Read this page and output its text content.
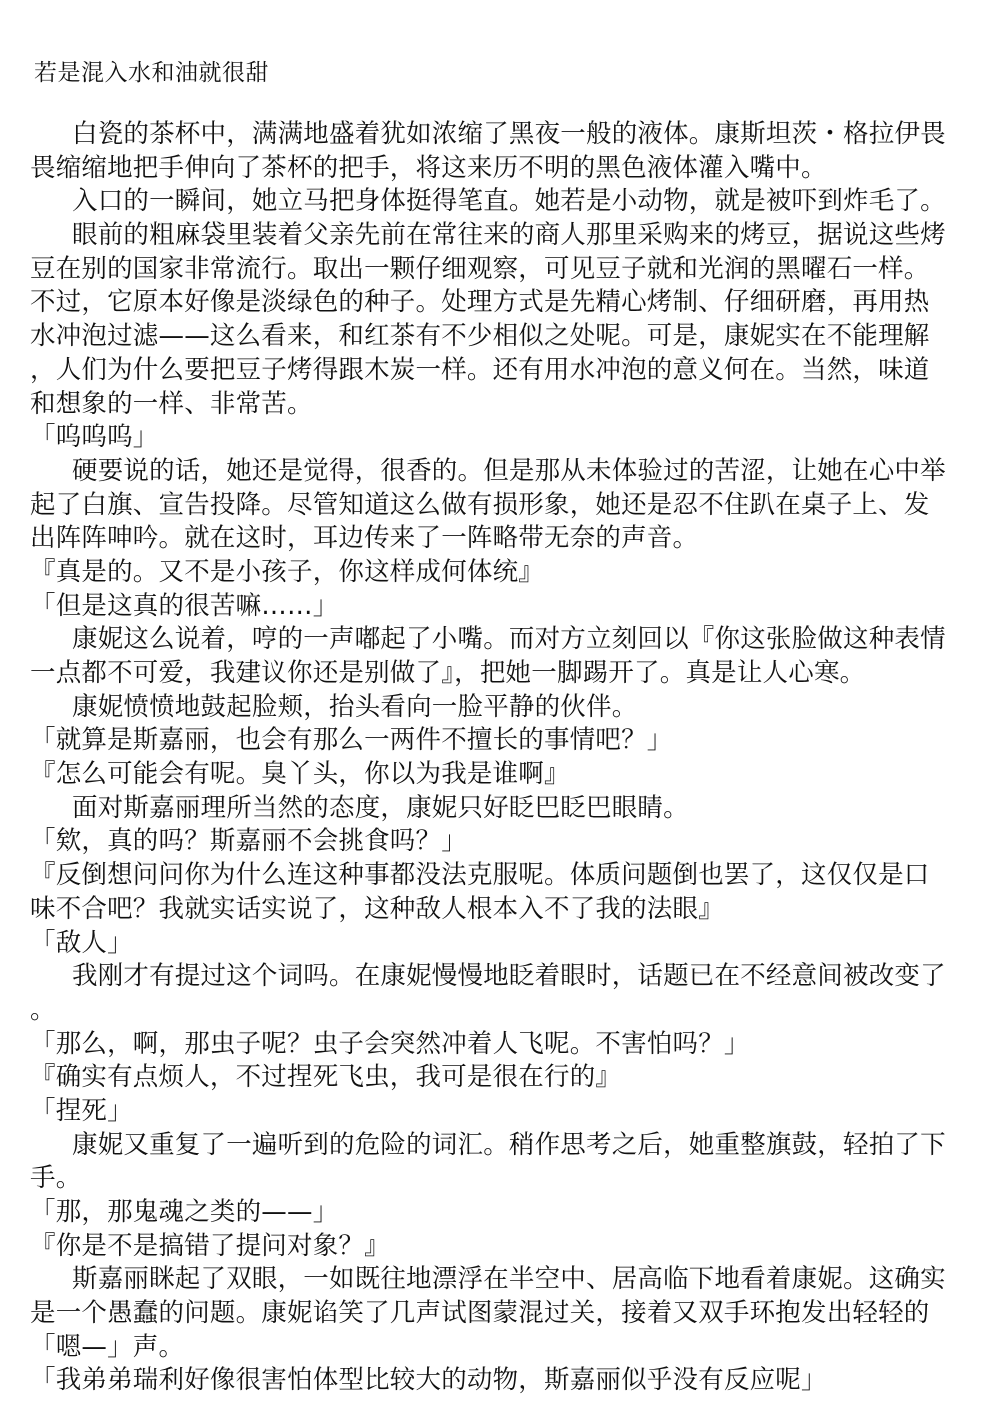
若是混入水和油就很甜
白瓷的茶杯中，满满地盛着犹如浓缩了黑夜一般的液体。康斯坦茨・格拉伊畏
畏缩缩地把手伸向了茶杯的把手，将这来历不明的黑色液体灌入嘴中。
入口的一瞬间，她立马把身体挺得笔直。她若是小动物，就是被吓到炸毛了。
眼前的粗麻袋里装着父亲先前在常往来的商人那里采购来的烤豆，据说这些烤
豆在别的国家非常流行。取出一颗仔细观察，可见豆子就和光润的黑曜石一样。
不过，它原本好像是淡绿色的种子。处理方式是先精心烤制、仔细研磨，再用热
水冲泡过滤——这么看来，和红茶有不少相似之处呢。可是，康妮实在不能理解
，人们为什么要把豆子烤得跟木炭一样。还有用水冲泡的意义何在。当然，味道
和想象的一样、非常苦。
「呜呜呜」
硬要说的话，她还是觉得，很香的。但是那从未体验过的苦涩，让她在心中举
起了白旗、宣告投降。尽管知道这么做有损形象，她还是忍不住趴在桌子上、发
出阵阵呻吟。就在这时，耳边传来了一阵略带无奈的声音。
『真是的。又不是小孩子，你这样成何体统』
「但是这真的很苦嘛……」
康妮这么说着，哼的一声嘟起了小嘴。而对方立刻回以『你这张脸做这种表情
一点都不可爱，我建议你还是别做了』，把她一脚踢开了。真是让人心寒。
康妮愤愤地鼓起脸颊，抬头看向一脸平静的伙伴。
「就算是斯嘉丽，也会有那么一两件不擅长的事情吧？」
『怎么可能会有呢。臭丫头，你以为我是谁啊』
面对斯嘉丽理所当然的态度，康妮只好眨巴眨巴眼睛。
「欸，真的吗？斯嘉丽不会挑食吗？」
『反倒想问问你为什么连这种事都没法克服呢。体质问题倒也罢了，这仅仅是口
味不合吧？我就实话实说了，这种敌人根本入不了我的法眼』
「敌人」
我刚才有提过这个词吗。在康妮慢慢地眨着眼时，话题已在不经意间被改变了
。
「那么，啊，那虫子呢？虫子会突然冲着人飞呢。不害怕吗？」
『确实有点烦人，不过捏死飞虫，我可是很在行的』
「捏死」
康妮又重复了一遍听到的危险的词汇。稍作思考之后，她重整旗鼓，轻拍了下
手。
「那，那鬼魂之类的——」
『你是不是搞错了提问对象？』
斯嘉丽眯起了双眼，一如既往地漂浮在半空中、居高临下地看着康妮。这确实
是一个愚蠢的问题。康妮谄笑了几声试图蒙混过关，接着又双手环抱发出轻轻的
「嗯—」声。
「我弟弟瑞利好像很害怕体型比较大的动物，斯嘉丽似乎没有反应呢」
